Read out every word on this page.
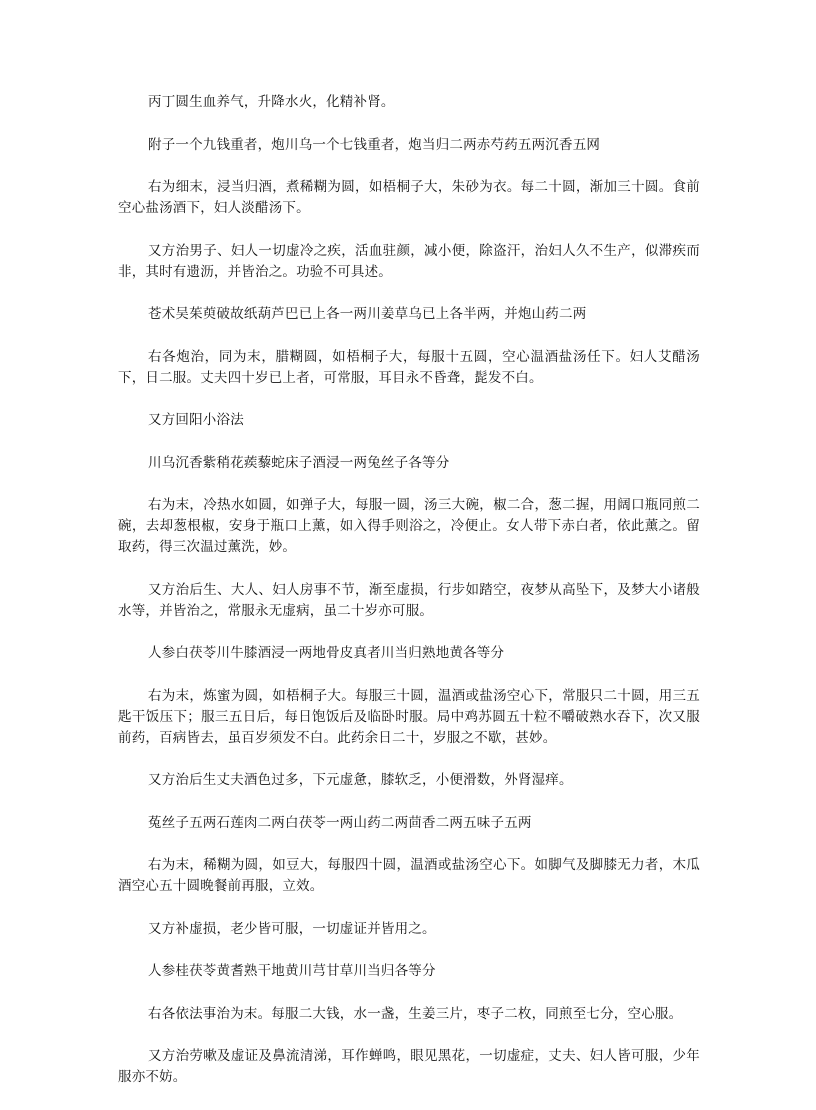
丙丁圆生血养气，升降水火，化精补肾。

附子一个九钱重者，炮川乌一个七钱重者，炮当归二两赤芍药五两沉香五网

右为细末，浸当归酒，煮稀糊为圆，如梧桐子大，朱砂为衣。每二十圆，渐加三十圆。食前空心盐汤酒下，妇人淡醋汤下。

又方治男子、妇人一切虚冷之疾，活血驻颜，减小便，除盗汗，治妇人久不生产，似滞疾而非，其时有遗沥，并皆治之。功验不可具述。

苍术吴茱萸破故纸葫芦巴已上各一两川姜草乌已上各半两，并炮山药二两

右各炮治，同为末，腊糊圆，如梧桐子大，每服十五圆，空心温酒盐汤任下。妇人艾醋汤下，日二服。丈夫四十岁已上者，可常服，耳目永不昏聋，髭发不白。

又方回阳小浴法

川乌沉香紫稍花蒺藜蛇床子酒浸一两兔丝子各等分

右为末，冷热水如圆，如弹子大，每服一圆，汤三大碗，椒二合，葱二握，用阔口瓶同煎二碗，去却葱根椒，安身于瓶口上薰，如入得手则浴之，冷便止。女人带下赤白者，依此薰之。留取药，得三次温过薰洗，妙。

又方治后生、大人、妇人房事不节，渐至虚损，行步如踏空，夜梦从高坠下，及梦大小诸般水等，并皆治之，常服永无虚病，虽二十岁亦可服。

人参白茯苓川牛膝酒浸一两地骨皮真者川当归熟地黄各等分

右为末，炼蜜为圆，如梧桐子大。每服三十圆，温酒或盐汤空心下，常服只二十圆，用三五匙干饭压下；服三五日后，每日饱饭后及临卧时服。局中鸡苏圆五十粒不嚼破熟水吞下，次又服前药，百病皆去，虽百岁须发不白。此药余日二十，岁服之不歇，甚妙。

又方治后生丈夫酒色过多，下元虚惫，膝软乏，小便滑数，外肾湿痒。

菟丝子五两石莲肉二两白茯苓一两山药二两茴香二两五味子五两

右为末，稀糊为圆，如豆大，每服四十圆，温酒或盐汤空心下。如脚气及脚膝无力者，木瓜酒空心五十圆晚餐前再服，立效。

又方补虚损，老少皆可服，一切虚证并皆用之。

人参桂茯苓黄耆熟干地黄川芎甘草川当归各等分

右各依法事治为末。每服二大钱，水一盏，生姜三片，枣子二枚，同煎至七分，空心服。

又方治劳嗽及虚证及鼻流清涕，耳作蝉鸣，眼见黑花，一切虚症，丈夫、妇人皆可服，少年服亦不妨。
